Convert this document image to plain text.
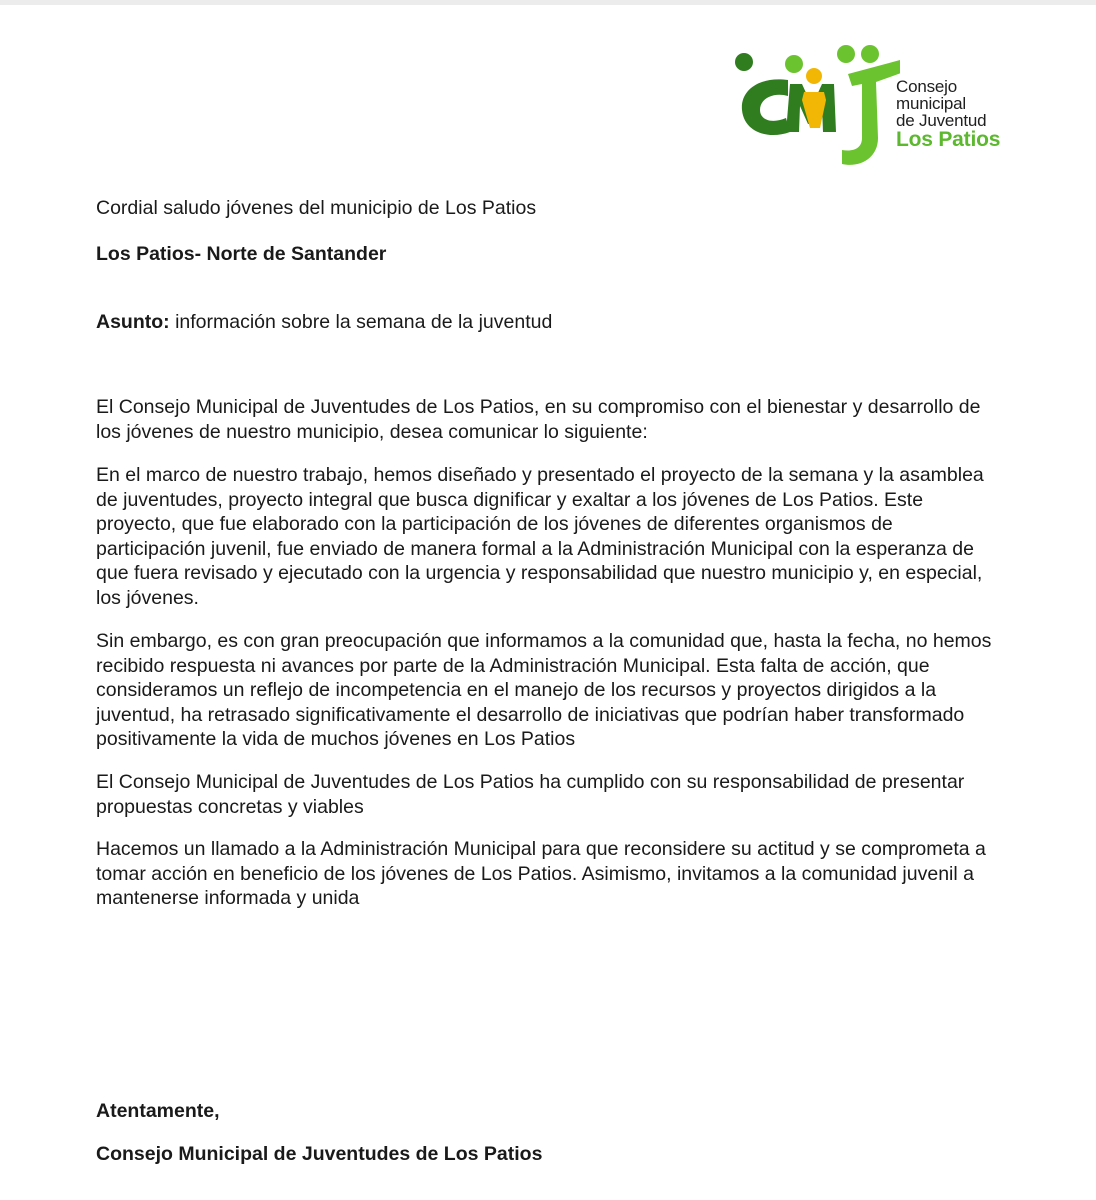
Consejo
municipal
de Juventud
Los Patios
Cordial saludo jóvenes del municipio de Los Patios
Los Patios- Norte de Santander
Asunto: información sobre la semana de la juventud

El Consejo Municipal de Juventudes de Los Patios, en su compromiso con el bienestar y desarrollo de los jóvenes de nuestro municipio, desea comunicar lo siguiente:

En el marco de nuestro trabajo, hemos diseñado y presentado el proyecto de la semana y la asamblea de juventudes, proyecto integral que busca dignificar y exaltar a los jóvenes de Los Patios. Este proyecto, que fue elaborado con la participación de los jóvenes de diferentes organismos de participación juvenil, fue enviado de manera formal a la Administración Municipal con la esperanza de que fuera revisado y ejecutado con la urgencia y responsabilidad que nuestro municipio y, en especial, los jóvenes.

Sin embargo, es con gran preocupación que informamos a la comunidad que, hasta la fecha, no hemos recibido respuesta ni avances por parte de la Administración Municipal. Esta falta de acción, que consideramos un reflejo de incompetencia en el manejo de los recursos y proyectos dirigidos a la juventud, ha retrasado significativamente el desarrollo de iniciativas que podrían haber transformado positivamente la vida de muchos jóvenes en Los Patios

El Consejo Municipal de Juventudes de Los Patios ha cumplido con su responsabilidad de presentar propuestas concretas y viables

Hacemos un llamado a la Administración Municipal para que reconsidere su actitud y se comprometa a tomar acción en beneficio de los jóvenes de Los Patios. Asimismo, invitamos a la comunidad juvenil a mantenerse informada y unida

Atentamente,
Consejo Municipal de Juventudes de Los Patios
